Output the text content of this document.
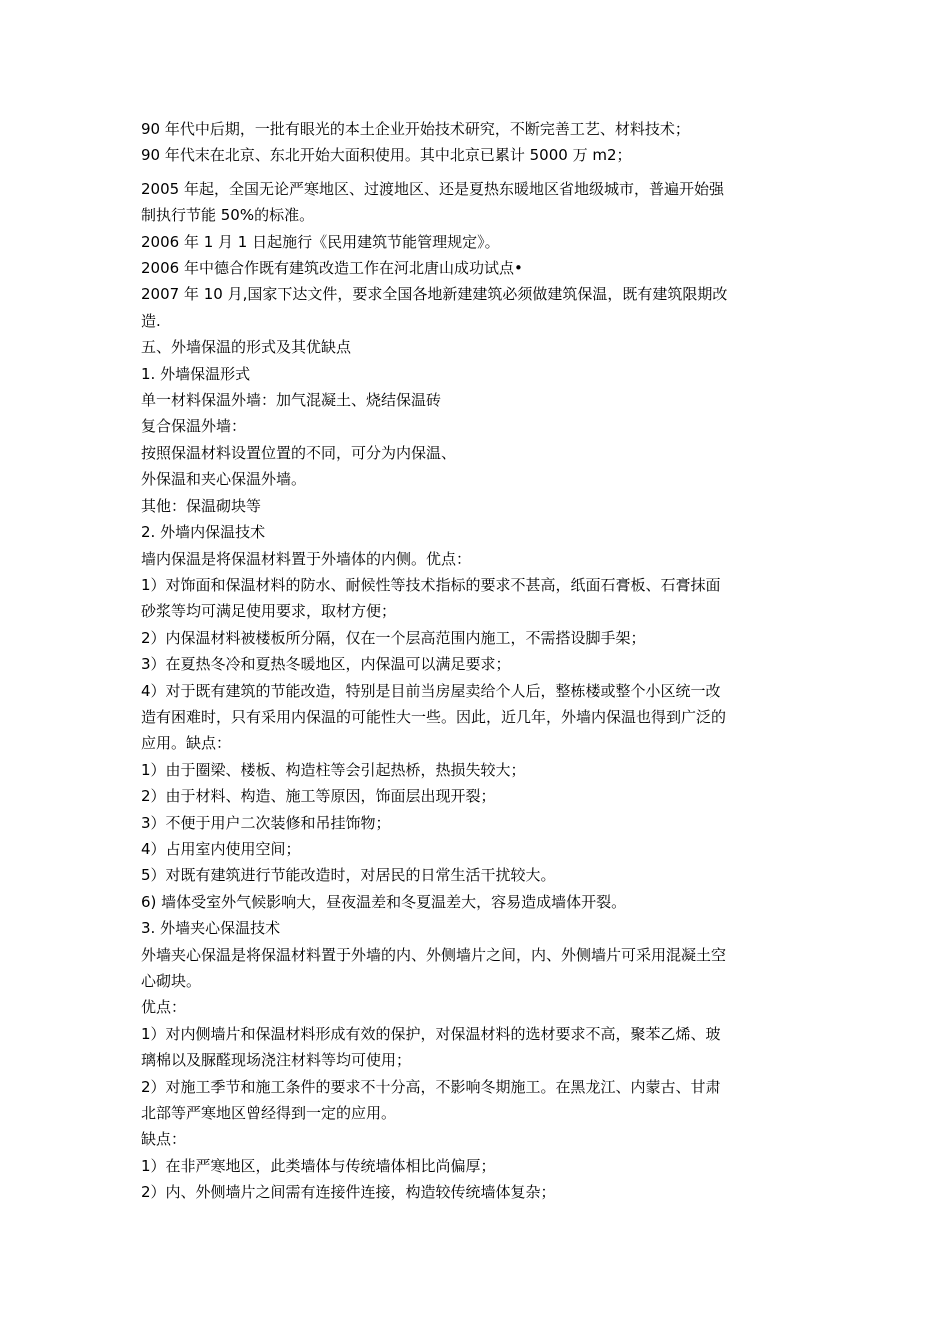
90 年代中后期，一批有眼光的本土企业开始技术研究，不断完善工艺、材料技术；

90 年代末在北京、东北开始大面积使用。其中北京已累计 5000 万 m2；

2005 年起，全国无论严寒地区、过渡地区、还是夏热东暖地区省地级城市，普遍开始强

制执行节能 50%的标准。

2006 年 1 月 1 日起施行《民用建筑节能管理规定》。

2006 年中德合作既有建筑改造工作在河北唐山成功试点•

2007 年 10 月,国家下达文件，要求全国各地新建建筑必须做建筑保温，既有建筑限期改

造.

五、外墙保温的形式及其优缺点

1. 外墙保温形式

单一材料保温外墙：加气混凝土、烧结保温砖

复合保温外墙：

按照保温材料设置位置的不同，可分为内保温、

外保温和夹心保温外墙。

其他：保温砌块等

2. 外墙内保温技术

墙内保温是将保温材料置于外墙体的内侧。优点：

1）对饰面和保温材料的防水、耐候性等技术指标的要求不甚高，纸面石膏板、石膏抹面

砂浆等均可满足使用要求，取材方便；

2）内保温材料被楼板所分隔，仅在一个层高范围内施工，不需搭设脚手架；

3）在夏热冬冷和夏热冬暖地区，内保温可以满足要求；

4）对于既有建筑的节能改造，特别是目前当房屋卖给个人后，整栋楼或整个小区统一改

造有困难时，只有采用内保温的可能性大一些。因此，近几年，外墙内保温也得到广泛的

应用。缺点：

1）由于圈梁、楼板、构造柱等会引起热桥，热损失较大；

2）由于材料、构造、施工等原因，饰面层出现开裂；

3）不便于用户二次装修和吊挂饰物；

4）占用室内使用空间；

5）对既有建筑进行节能改造时，对居民的日常生活干扰较大。

6) 墙体受室外气候影响大，昼夜温差和冬夏温差大，容易造成墙体开裂。

3. 外墙夹心保温技术

外墙夹心保温是将保温材料置于外墙的内、外侧墙片之间，内、外侧墙片可采用混凝土空

心砌块。

优点：

1）对内侧墙片和保温材料形成有效的保护，对保温材料的选材要求不高，聚苯乙烯、玻

璃棉以及脲醛现场浇注材料等均可使用；

2）对施工季节和施工条件的要求不十分高，不影响冬期施工。在黑龙江、内蒙古、甘肃

北部等严寒地区曾经得到一定的应用。

缺点：

1）在非严寒地区，此类墙体与传统墙体相比尚偏厚；

2）内、外侧墙片之间需有连接件连接，构造较传统墙体复杂；
